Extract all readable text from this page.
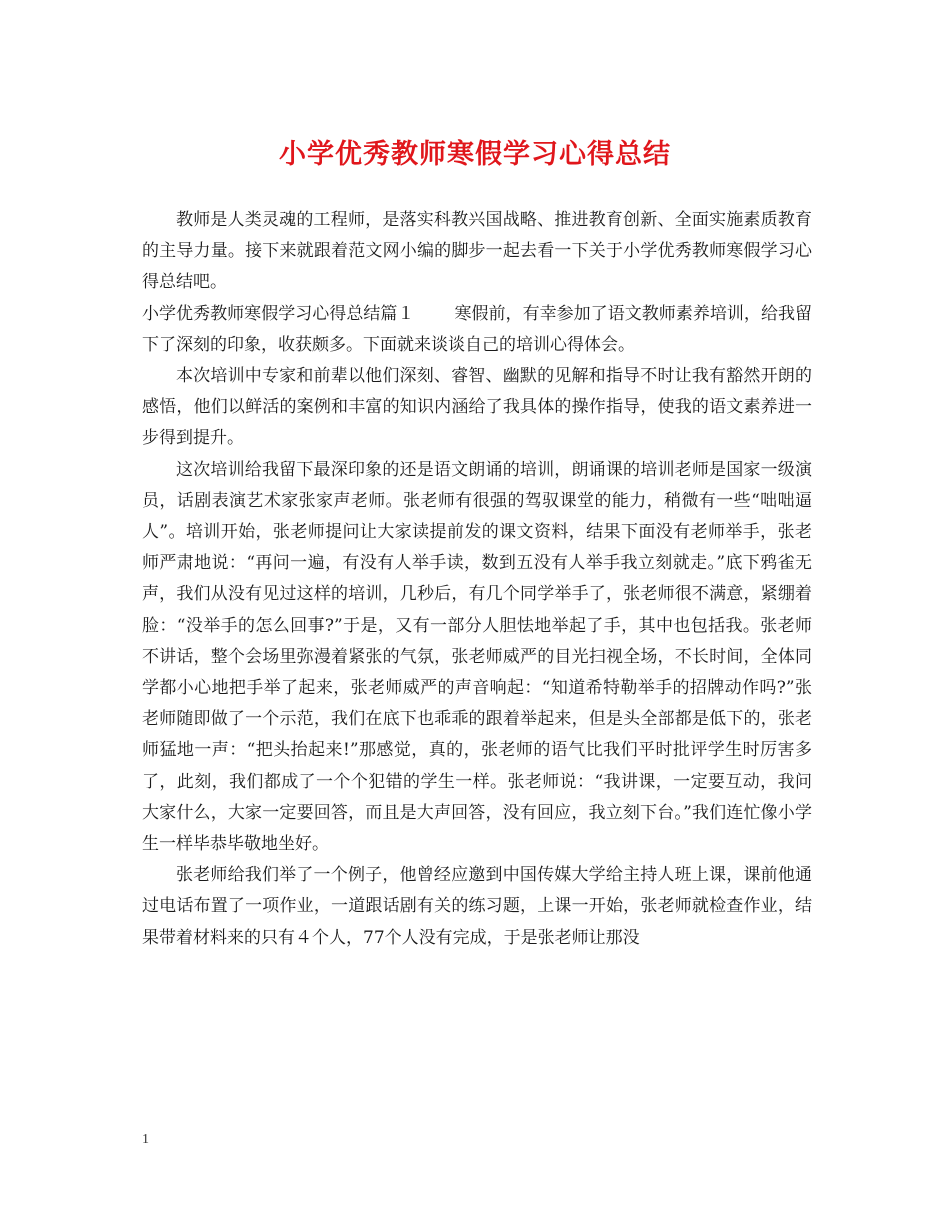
小学优秀教师寒假学习心得总结

教师是人类灵魂的工程师，是落实科教兴国战略、推进教育创新、全面实施素质教育的主导力量。接下来就跟着范文网小编的脚步一起去看一下关于小学优秀教师寒假学习心得总结吧。

小学优秀教师寒假学习心得总结篇１ 寒假前，有幸参加了语文教师素养培训，给我留下了深刻的印象，收获颇多。下面就来谈谈自己的培训心得体会。

本次培训中专家和前辈以他们深刻、睿智、幽默的见解和指导不时让我有豁然开朗的感悟，他们以鲜活的案例和丰富的知识内涵给了我具体的操作指导，使我的语文素养进一步得到提升。

这次培训给我留下最深印象的还是语文朗诵的培训，朗诵课的培训老师是国家一级演员，话剧表演艺术家张家声老师。张老师有很强的驾驭课堂的能力，稍微有一些“咄咄逼人”。培训开始，张老师提问让大家读提前发的课文资料，结果下面没有老师举手，张老师严肃地说：“再问一遍，有没有人举手读，数到五没有人举手我立刻就走。”底下鸦雀无声，我们从没有见过这样的培训，几秒后，有几个同学举手了，张老师很不满意，紧绷着脸：“没举手的怎么回事?”于是，又有一部分人胆怯地举起了手，其中也包括我。张老师不讲话，整个会场里弥漫着紧张的气氛，张老师威严的目光扫视全场，不长时间，全体同学都小心地把手举了起来，张老师威严的声音响起：“知道希特勒举手的招牌动作吗?”张老师随即做了一个示范，我们在底下也乖乖的跟着举起来，但是头全部都是低下的，张老师猛地一声：“把头抬起来!”那感觉，真的，张老师的语气比我们平时批评学生时厉害多了，此刻，我们都成了一个个犯错的学生一样。张老师说：“我讲课，一定要互动，我问大家什么，大家一定要回答，而且是大声回答，没有回应，我立刻下台。”我们连忙像小学生一样毕恭毕敬地坐好。

张老师给我们举了一个例子，他曾经应邀到中国传媒大学给主持人班上课，课前他通过电话布置了一项作业，一道跟话剧有关的练习题，上课一开始，张老师就检查作业，结果带着材料来的只有４个人，77个人没有完成，于是张老师让那没

1
